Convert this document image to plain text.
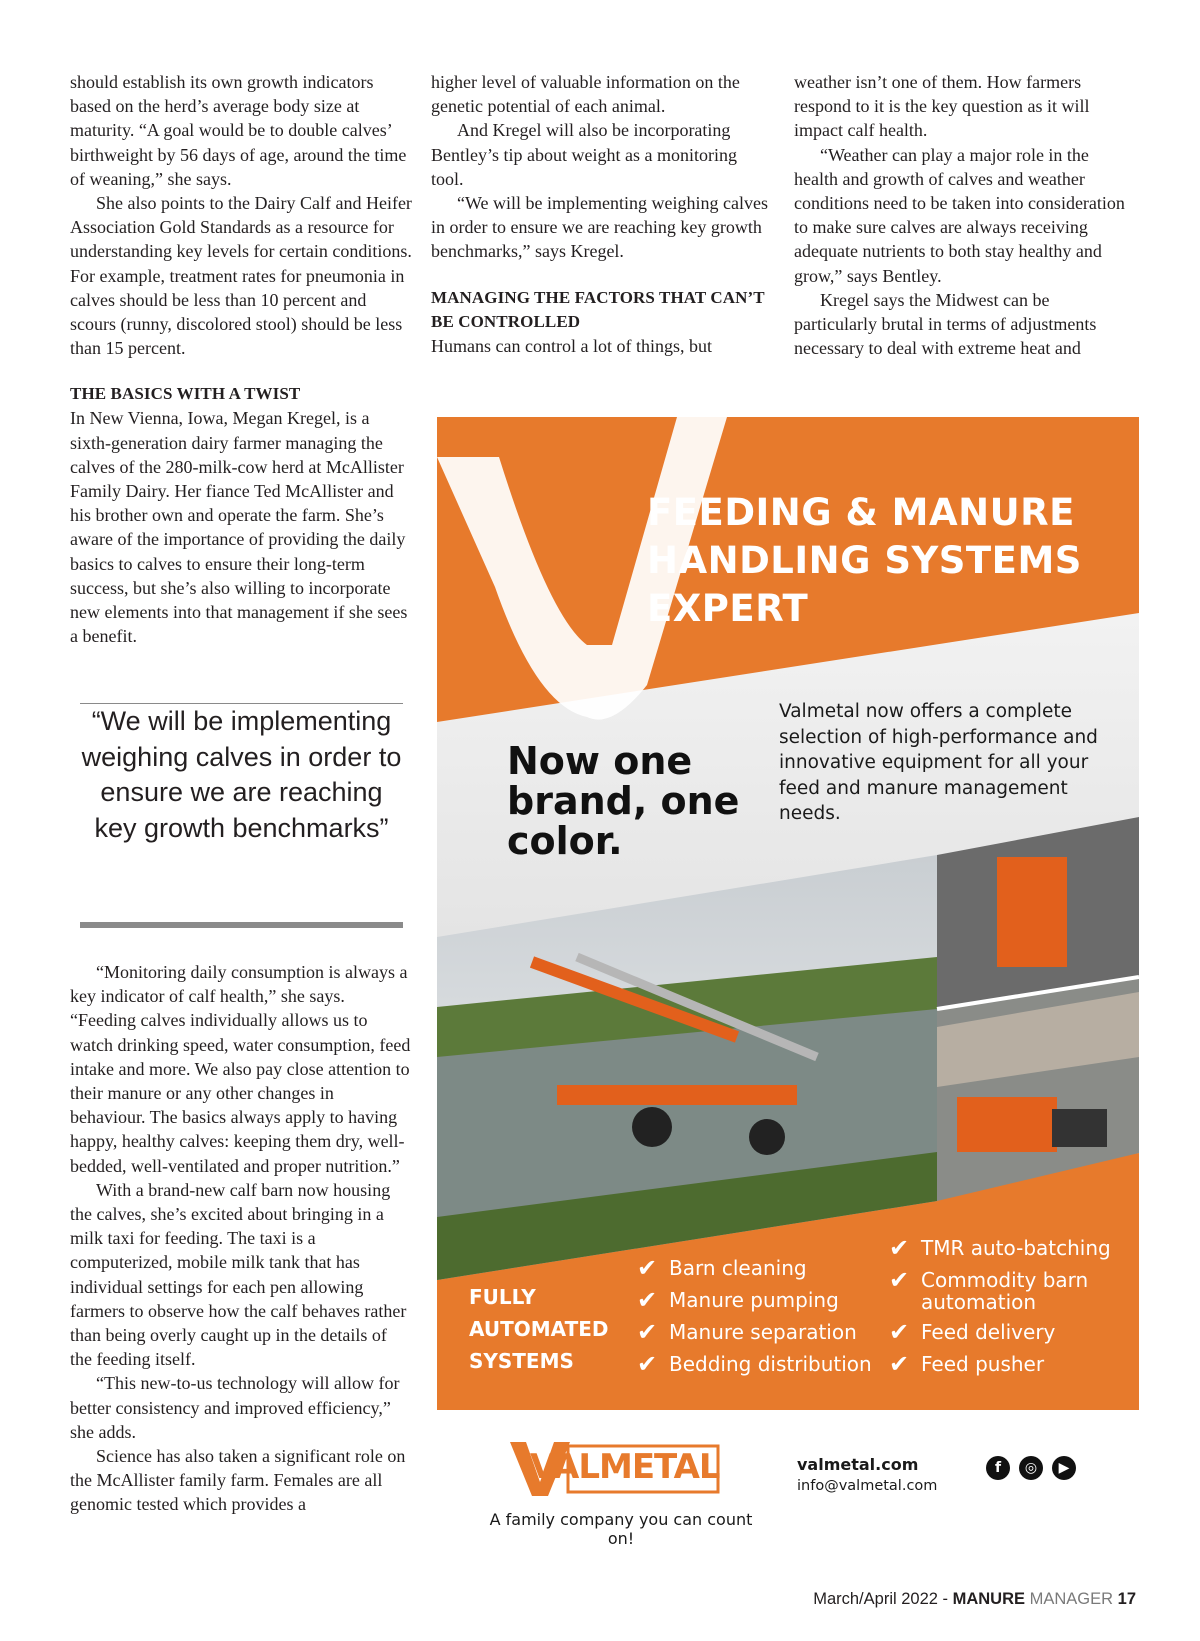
should establish its own growth indicators based on the herd’s average body size at maturity. “A goal would be to double calves’ birthweight by 56 days of age, around the time of weaning,” she says.

She also points to the Dairy Calf and Heifer Association Gold Standards as a resource for understanding key levels for certain conditions. For example, treatment rates for pneumonia in calves should be less than 10 percent and scours (runny, discolored stool) should be less than 15 percent.

THE BASICS WITH A TWIST

In New Vienna, Iowa, Megan Kregel, is a sixth-generation dairy farmer managing the calves of the 280-milk-cow herd at McAllister Family Dairy. Her fiance Ted McAllister and his brother own and operate the farm. She’s aware of the importance of providing the daily basics to calves to ensure their long-term success, but she’s also willing to incorporate new elements into that management if she sees a benefit.

“We will be implementing weighing calves in order to ensure we are reaching key growth benchmarks”

“Monitoring daily consumption is always a key indicator of calf health,” she says. “Feeding calves individually allows us to watch drinking speed, water consumption, feed intake and more. We also pay close attention to their manure or any other changes in behaviour. The basics always apply to having happy, healthy calves: keeping them dry, well-bedded, well-ventilated and proper nutrition.”

With a brand-new calf barn now housing the calves, she’s excited about bringing in a milk taxi for feeding. The taxi is a computerized, mobile milk tank that has individual settings for each pen allowing farmers to observe how the calf behaves rather than being overly caught up in the details of the feeding itself.

“This new-to-us technology will allow for better consistency and improved efficiency,” she adds.

Science has also taken a significant role on the McAllister family farm. Females are all genomic tested which provides a

higher level of valuable information on the genetic potential of each animal.

And Kregel will also be incorporating Bentley’s tip about weight as a monitoring tool.

“We will be implementing weighing calves in order to ensure we are reaching key growth benchmarks,” says Kregel.

MANAGING THE FACTORS THAT CAN’T BE CONTROLLED

Humans can control a lot of things, but

weather isn’t one of them. How farmers respond to it is the key question as it will impact calf health.

“Weather can play a major role in the health and growth of calves and weather conditions need to be taken into consideration to make sure calves are always receiving adequate nutrients to both stay healthy and grow,” says Bentley.

Kregel says the Midwest can be particularly brutal in terms of adjustments necessary to deal with extreme heat and

FEEDING & MANURE
HANDLING SYSTEMS
EXPERT
Valmetal now offers a complete selection of high-performance and innovative equipment for all your feed and manure management needs.
Now one
brand, one
color.
FULLY
AUTOMATED
SYSTEMS
✔ Barn cleaning
✔ Manure pumping
✔ Manure separation
✔ Bedding distribution
✔ TMR auto-batching
✔ Commodity barn automation
✔ Feed delivery
✔ Feed pusher
VALMETAL
A family company you can count on!
valmetal.com
info@valmetal.com
f	◎	▶
March/April 2022 - MANURE MANAGER 17
